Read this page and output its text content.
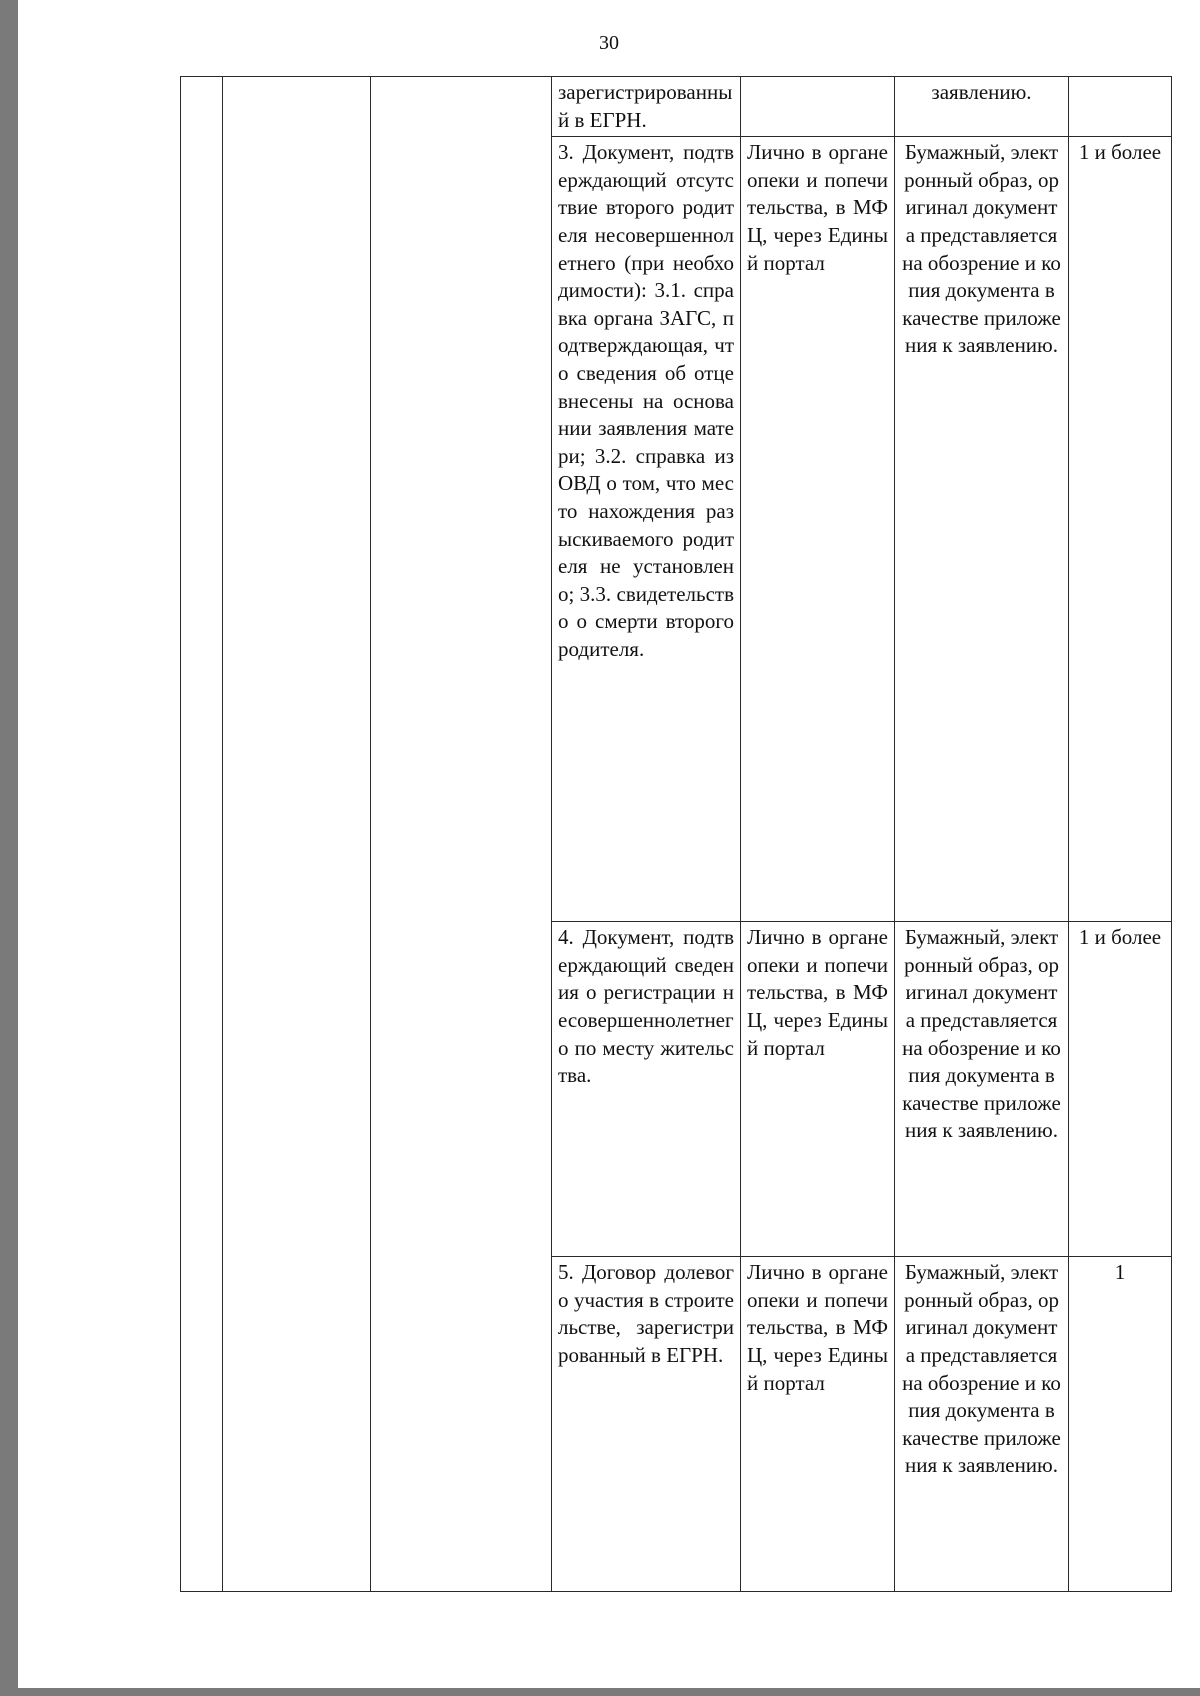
30
			зарегистрированный в ЕГРН.		заявлению.	
			3. Документ, подтверждающий отсутствие второго родителя несовершеннолетнего (при необходимости): 3.1. справка органа ЗАГС, подтверждающая, что сведения об отце внесены на основании заявления матери; 3.2. справка из ОВД о том, что место нахождения разыскиваемого родителя не установлено; 3.3. свидетельство о смерти второго родителя.	Лично в органе опеки и попечительства, в МФЦ, через Единый портал	Бумажный, электронный образ, оригинал документа представляется на обозрение и копия документа в качестве приложения к заявлению.	1 и более
			4. Документ, подтверждающий сведения о регистрации несовершеннолетнего по месту жительства.	Лично в органе опеки и попечительства, в МФЦ, через Единый портал	Бумажный, электронный образ, оригинал документа представляется на обозрение и копия документа в качестве приложения к заявлению.	1 и более
			5. Договор долевого участия в строительстве, зарегистрированный в ЕГРН.	Лично в органе опеки и попечительства, в МФЦ, через Единый портал	Бумажный, электронный образ, оригинал документа представляется на обозрение и копия документа в качестве приложения к заявлению.	1
